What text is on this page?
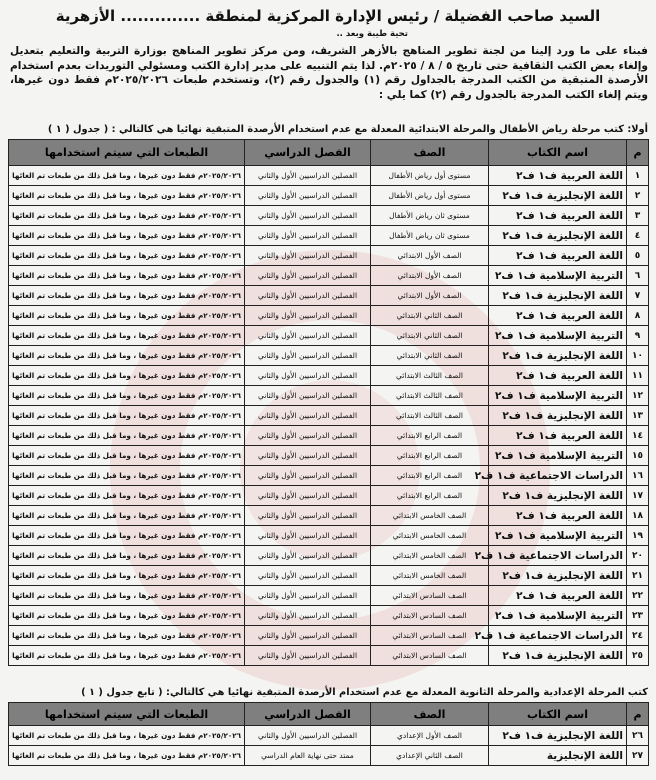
السيد صاحب الفضيلة / رئيس الإدارة المركزية لمنطقة .............. الأزهرية
تحية طيبة وبعد ..
فبناء على ما ورد إلينا من لجنة تطوير المناهج بالأزهر الشريف، ومن مركز تطوير المناهج بوزارة التربية والتعليم بتعديل وإلغاء بعض الكتب الثقافية حتى تاريخ ٥ / ٨ / ٢٠٢٥م. لذا يتم التنبيه على مدير إدارة الكتب ومسئولي التوريدات بعدم استخدام الأرصدة المتبقية من الكتب المدرجة بالجداول رقم (١) والجدول رقم (٢)، وتستخدم طبعات ٢٠٢٥/٢٠٢٦م فقط دون غيرها، ويتم إلغاء الكتب المدرجة بالجدول رقم (٢) كما يلي :
أولا: كتب مرحلة رياض الأطفال والمرحلة الابتدائية المعدلة مع عدم استخدام الأرصدة المتبقية نهائيا هي كالتالي : ( جدول ( ١ )
م	اسم الكتاب	الصف	الفصل الدراسي	الطبعات التي سيتم استخدامها
١	اللغة العربية ف١ ف٢	مستوى أول رياض الأطفال	الفصلين الدراسيين الأول والثاني	٢٠٢٥/٢٠٢٦م فقط دون غيرها ، وما قبل ذلك من طبعات تم الغائها
٢	اللغة الإنجليزية ف١ ف٢	مستوى أول رياض الأطفال	الفصلين الدراسيين الأول والثاني	٢٠٢٥/٢٠٢٦م فقط دون غيرها ، وما قبل ذلك من طبعات تم الغائها
٣	اللغة العربية ف١ ف٢	مستوى ثان رياض الأطفال	الفصلين الدراسيين الأول والثاني	٢٠٢٥/٢٠٢٦م فقط دون غيرها ، وما قبل ذلك من طبعات تم الغائها
٤	اللغة الإنجليزية ف١ ف٢	مستوى ثان رياض الأطفال	الفصلين الدراسيين الأول والثاني	٢٠٢٥/٢٠٢٦م فقط دون غيرها ، وما قبل ذلك من طبعات تم الغائها
٥	اللغة العربية ف١ ف٢	الصف الأول الابتدائي	الفصلين الدراسيين الأول والثاني	٢٠٢٥/٢٠٢٦م فقط دون غيرها ، وما قبل ذلك من طبعات تم الغائها
٦	التربية الإسلامية ف١ ف٢	الصف الأول الابتدائي	الفصلين الدراسيين الأول والثاني	٢٠٢٥/٢٠٢٦م فقط دون غيرها ، وما قبل ذلك من طبعات تم الغائها
٧	اللغة الإنجليزية ف١ ف٢	الصف الأول الابتدائي	الفصلين الدراسيين الأول والثاني	٢٠٢٥/٢٠٢٦م فقط دون غيرها ، وما قبل ذلك من طبعات تم الغائها
٨	اللغة العربية ف١ ف٢	الصف الثاني الابتدائي	الفصلين الدراسيين الأول والثاني	٢٠٢٥/٢٠٢٦م فقط دون غيرها ، وما قبل ذلك من طبعات تم الغائها
٩	التربية الإسلامية ف١ ف٢	الصف الثاني الابتدائي	الفصلين الدراسيين الأول والثاني	٢٠٢٥/٢٠٢٦م فقط دون غيرها ، وما قبل ذلك من طبعات تم الغائها
١٠	اللغة الإنجليزية ف١ ف٢	الصف الثاني الابتدائي	الفصلين الدراسيين الأول والثاني	٢٠٢٥/٢٠٢٦م فقط دون غيرها ، وما قبل ذلك من طبعات تم الغائها
١١	اللغة العربية ف١ ف٢	الصف الثالث الابتدائي	الفصلين الدراسيين الأول والثاني	٢٠٢٥/٢٠٢٦م فقط دون غيرها ، وما قبل ذلك من طبعات تم الغائها
١٢	التربية الإسلامية ف١ ف٢	الصف الثالث الابتدائي	الفصلين الدراسيين الأول والثاني	٢٠٢٥/٢٠٢٦م فقط دون غيرها ، وما قبل ذلك من طبعات تم الغائها
١٣	اللغة الإنجليزية ف١ ف٢	الصف الثالث الابتدائي	الفصلين الدراسيين الأول والثاني	٢٠٢٥/٢٠٢٦م فقط دون غيرها ، وما قبل ذلك من طبعات تم الغائها
١٤	اللغة العربية ف١ ف٢	الصف الرابع الابتدائي	الفصلين الدراسيين الأول والثاني	٢٠٢٥/٢٠٢٦م فقط دون غيرها ، وما قبل ذلك من طبعات تم الغائها
١٥	التربية الإسلامية ف١ ف٢	الصف الرابع الابتدائي	الفصلين الدراسيين الأول والثاني	٢٠٢٥/٢٠٢٦م فقط دون غيرها ، وما قبل ذلك من طبعات تم الغائها
١٦	الدراسات الاجتماعية ف١ ف٢	الصف الرابع الابتدائي	الفصلين الدراسيين الأول والثاني	٢٠٢٥/٢٠٢٦م فقط دون غيرها ، وما قبل ذلك من طبعات تم الغائها
١٧	اللغة الإنجليزية ف١ ف٢	الصف الرابع الابتدائي	الفصلين الدراسيين الأول والثاني	٢٠٢٥/٢٠٢٦م فقط دون غيرها ، وما قبل ذلك من طبعات تم الغائها
١٨	اللغة العربية ف١ ف٢	الصف الخامس الابتدائي	الفصلين الدراسيين الأول والثاني	٢٠٢٥/٢٠٢٦م فقط دون غيرها ، وما قبل ذلك من طبعات تم الغائها
١٩	التربية الإسلامية ف١ ف٢	الصف الخامس الابتدائي	الفصلين الدراسيين الأول والثاني	٢٠٢٥/٢٠٢٦م فقط دون غيرها ، وما قبل ذلك من طبعات تم الغائها
٢٠	الدراسات الاجتماعية ف١ ف٢	الصف الخامس الابتدائي	الفصلين الدراسيين الأول والثاني	٢٠٢٥/٢٠٢٦م فقط دون غيرها ، وما قبل ذلك من طبعات تم الغائها
٢١	اللغة الإنجليزية ف١ ف٢	الصف الخامس الابتدائي	الفصلين الدراسيين الأول والثاني	٢٠٢٥/٢٠٢٦م فقط دون غيرها ، وما قبل ذلك من طبعات تم الغائها
٢٢	اللغة العربية ف١ ف٢	الصف السادس الابتدائي	الفصلين الدراسيين الأول والثاني	٢٠٢٥/٢٠٢٦م فقط دون غيرها ، وما قبل ذلك من طبعات تم الغائها
٢٣	التربية الإسلامية ف١ ف٢	الصف السادس الابتدائي	الفصلين الدراسيين الأول والثاني	٢٠٢٥/٢٠٢٦م فقط دون غيرها ، وما قبل ذلك من طبعات تم الغائها
٢٤	الدراسات الاجتماعية ف١ ف٢	الصف السادس الابتدائي	الفصلين الدراسيين الأول والثاني	٢٠٢٥/٢٠٢٦م فقط دون غيرها ، وما قبل ذلك من طبعات تم الغائها
٢٥	اللغة الإنجليزية ف١ ف٢	الصف السادس الابتدائي	الفصلين الدراسيين الأول والثاني	٢٠٢٥/٢٠٢٦م فقط دون غيرها ، وما قبل ذلك من طبعات تم الغائها
كتب المرحلة الإعدادية والمرحلة الثانوية المعدلة مع عدم استخدام الأرصدة المتبقية نهائيا هي كالتالي: ( تابع جدول ( ١ )
م	اسم الكتاب	الصف	الفصل الدراسي	الطبعات التي سيتم استخدامها
٢٦	اللغة الإنجليزية ف١ ف٢	الصف الأول الإعدادي	الفصلين الدراسيين الأول والثاني	٢٠٢٥/٢٠٢٦م فقط دون غيرها ، وما قبل ذلك من طبعات تم الغائها
٢٧	اللغة الإنجليزية	الصف الثاني الإعدادي	ممتد حتى نهاية العام الدراسي	٢٠٢٥/٢٠٢٦م فقط دون غيرها ، وما قبل ذلك من طبعات تم الغائها
